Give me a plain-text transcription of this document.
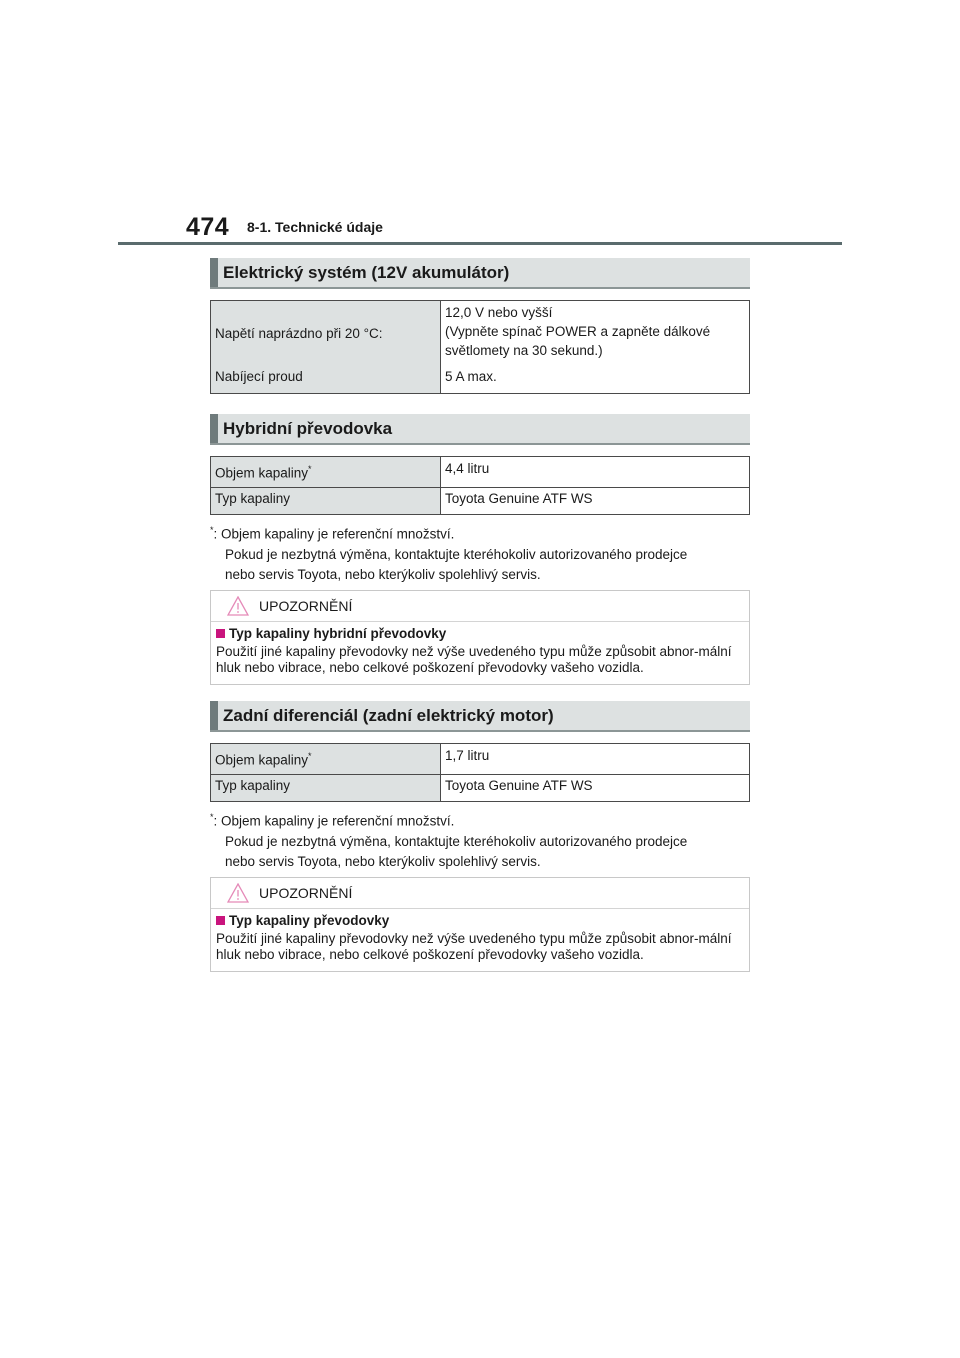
474 8-1. Technické údaje
Elektrický systém (12V akumulátor)
Napětí naprázdno při 20 °C:	12,0 V nebo vyšší
(Vypněte spínač POWER a zapněte dálkové
světlomety na 30 sekund.)

Nabíjecí proud	5 A max.
Hybridní převodovka
Objem kapaliny*	4,4 litru
Typ kapaliny	Toyota Genuine ATF WS
*: Objem kapaliny je referenční množství.
Pokud je nezbytná výměna, kontaktujte kteréhokoliv autorizovaného prodejce
nebo servis Toyota, nebo kterýkoliv spolehlivý servis.
UPOZORNĚNÍ
Typ kapaliny hybridní převodovky
Použití jiné kapaliny převodovky než výše uvedeného typu může způsobit abnor-mální hluk nebo vibrace, nebo celkové poškození převodovky vašeho vozidla.
Zadní diferenciál (zadní elektrický motor)
Objem kapaliny*	1,7 litru
Typ kapaliny	Toyota Genuine ATF WS
*: Objem kapaliny je referenční množství.
Pokud je nezbytná výměna, kontaktujte kteréhokoliv autorizovaného prodejce
nebo servis Toyota, nebo kterýkoliv spolehlivý servis.
UPOZORNĚNÍ
Typ kapaliny převodovky
Použití jiné kapaliny převodovky než výše uvedeného typu může způsobit abnor-mální hluk nebo vibrace, nebo celkové poškození převodovky vašeho vozidla.
